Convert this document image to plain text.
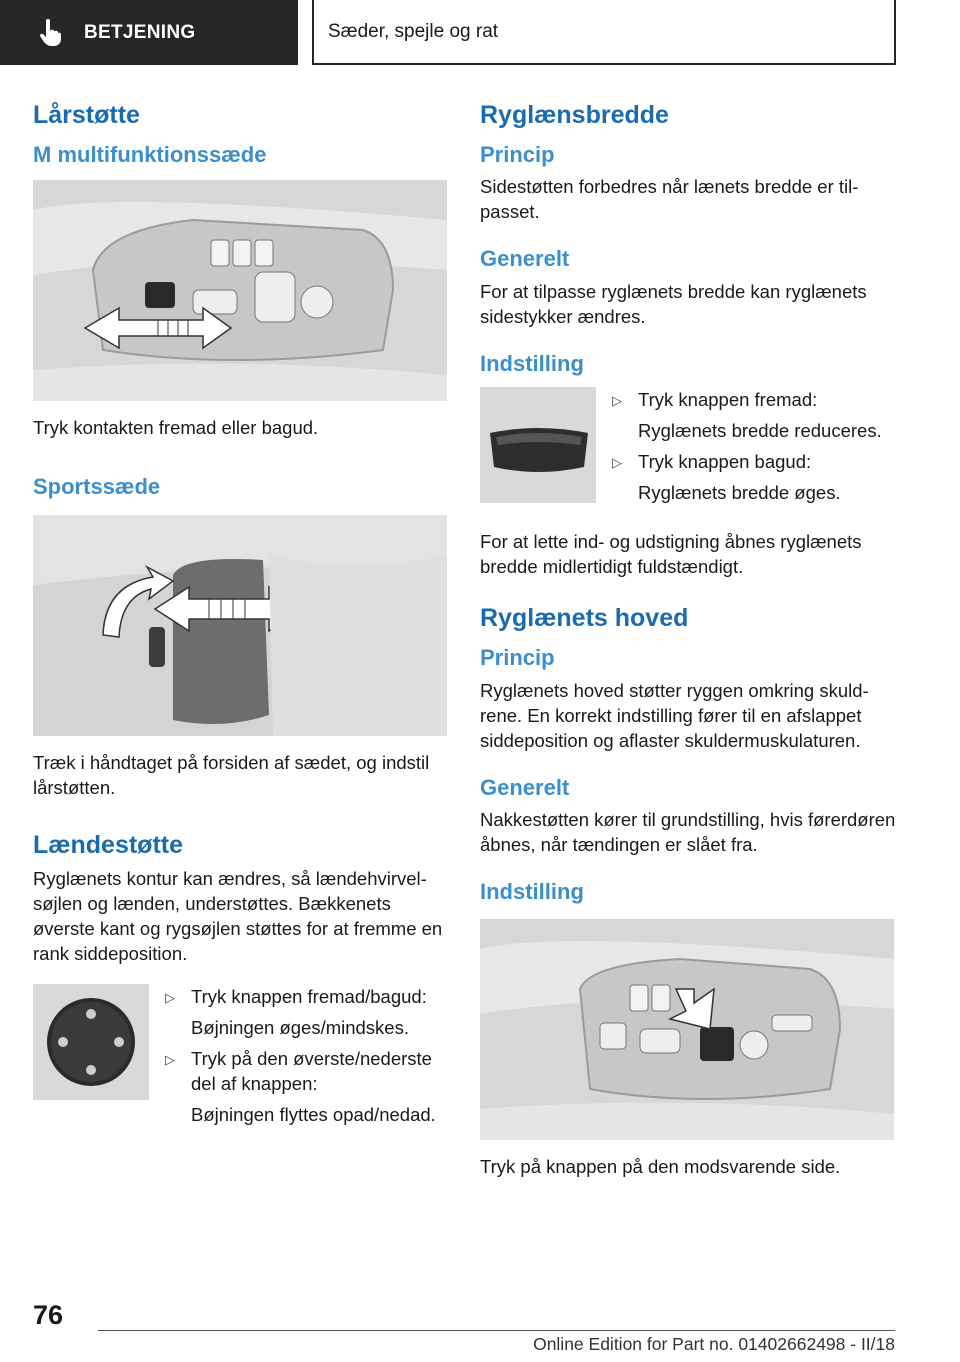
BETJENING	Sæder, spejle og rat
Lårstøtte
M multifunktionssæde

Tryk kontakten fremad eller bagud.

Sportssæde

Træk i håndtaget på forsiden af sædet, og indstil lårstøtten.

Lændestøtte

Ryglænets kontur kan ændres, så lændehvirvelsøjlen og lænden, understøttes. Bækkenets øverste kant og rygsøjlen støttes for at fremme en rank siddeposition.

▷ Tryk knappen fremad/bagud:
Bøjningen øges/mindskes.
▷ Tryk på den øverste/nederste del af knappen:
Bøjningen flyttes opad/nedad.
Ryglænsbredde
Princip

Sidestøtten forbedres når lænets bredde er tilpasset.

Generelt

For at tilpasse ryglænets bredde kan ryglænets sidestykker ændres.

Indstilling
▷ Tryk knappen fremad:
Ryglænets bredde reduceres.
▷ Tryk knappen bagud:
Ryglænets bredde øges.

For at lette ind- og udstigning åbnes ryglænets bredde midlertidigt fuldstændigt.

Ryglænets hoved
Princip

Ryglænets hoved støtter ryggen omkring skuldrene. En korrekt indstilling fører til en afslappet siddeposition og aflaster skuldermuskulaturen.

Generelt

Nakkestøtten kører til grundstilling, hvis førerdøren åbnes, når tændingen er slået fra.

Indstilling

Tryk på knappen på den modsvarende side.

76
Online Edition for Part no. 01402662498 - II/18
